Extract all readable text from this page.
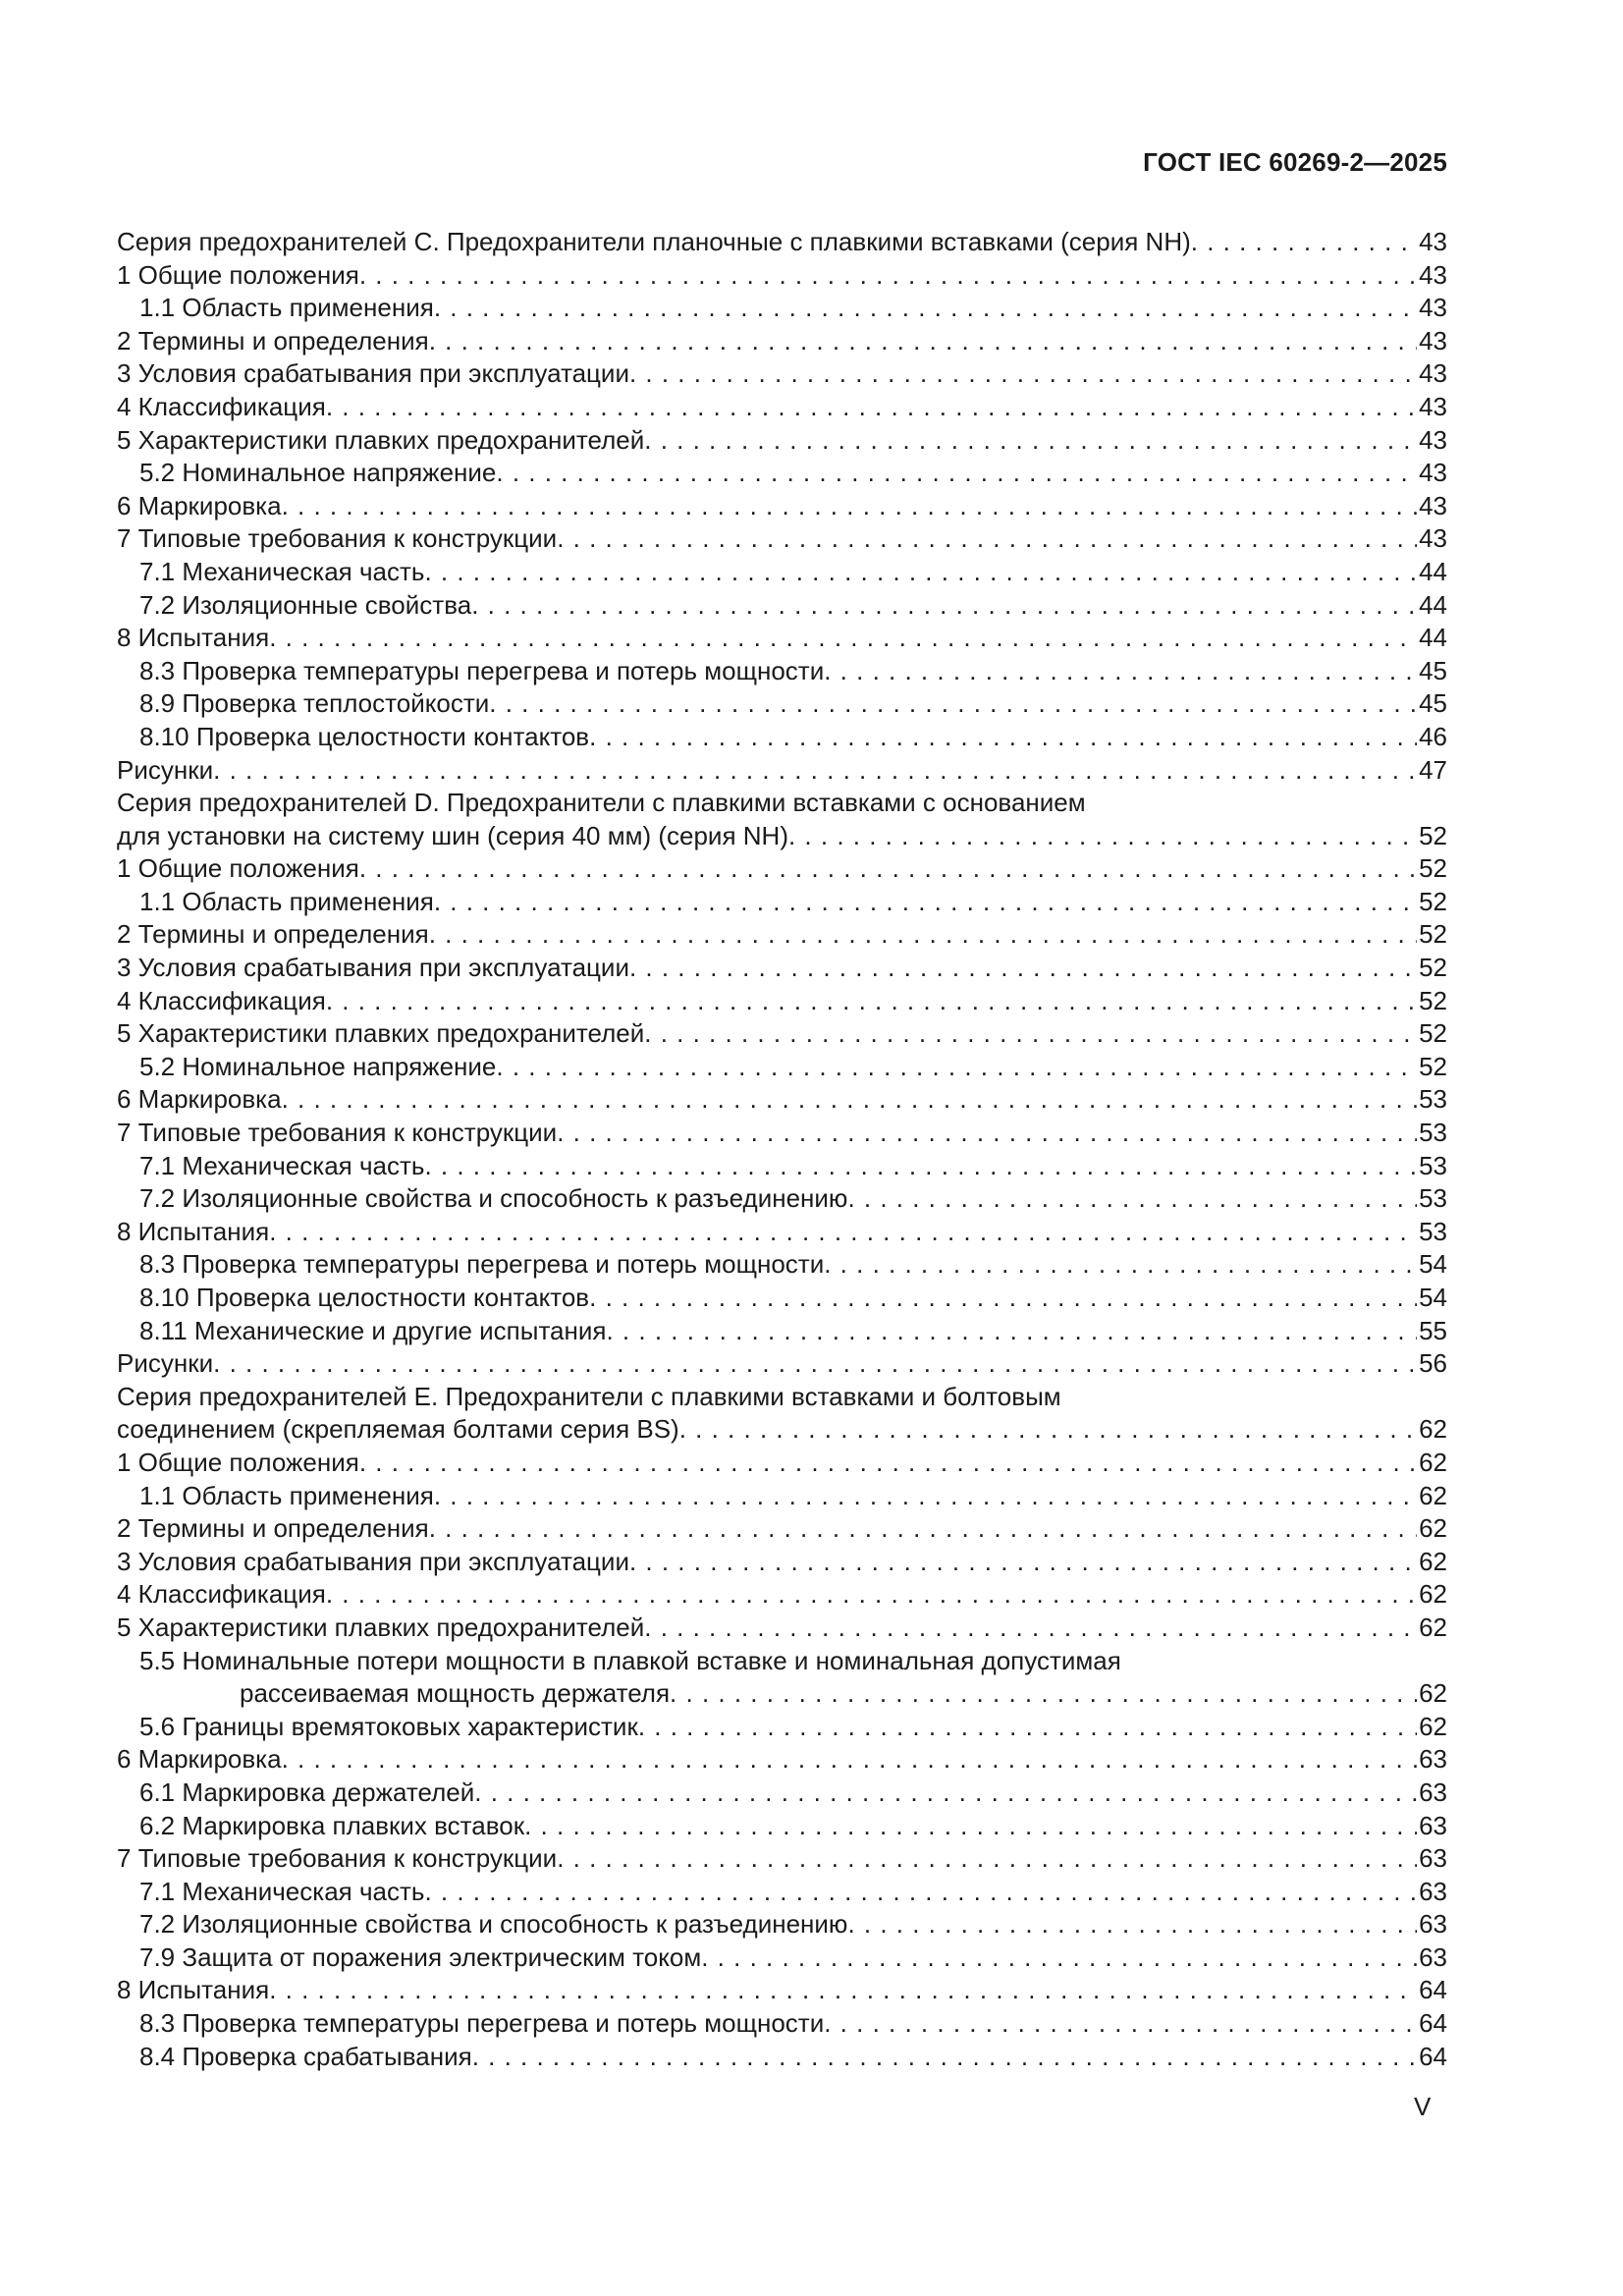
ГОСТ IEC 60269-2—2025
Серия предохранителей С. Предохранители планочные с плавкими вставками (серия NH) . . .	43
1 Общие положения . . .	43
1.1 Область применения . . .	43
2 Термины и определения . . .	43
3 Условия срабатывания при эксплуатации . . .	43
4 Классификация . . .	43
5 Характеристики плавких предохранителей . . .	43
5.2 Номинальное напряжение . . .	43
6 Маркировка . . .	43
7 Типовые требования к конструкции . . .	43
7.1 Механическая часть . . .	44
7.2 Изоляционные свойства . . .	44
8 Испытания . . .	44
8.3 Проверка температуры перегрева и потерь мощности . . .	45
8.9 Проверка теплостойкости . . .	45
8.10 Проверка целостности контактов . . .	46
Рисунки . . .	47
Серия предохранителей D. Предохранители с плавкими вставками с основанием
для установки на систему шин (серия 40 мм) (серия NH) . . .	52
1 Общие положения . . .	52
1.1 Область применения . . .	52
2 Термины и определения . . .	52
3 Условия срабатывания при эксплуатации . . .	52
4 Классификация . . .	52
5 Характеристики плавких предохранителей . . .	52
5.2 Номинальное напряжение . . .	52
6 Маркировка . . .	53
7 Типовые требования к конструкции . . .	53
7.1 Механическая часть . . .	53
7.2 Изоляционные свойства и способность к разъединению . . .	53
8 Испытания . . .	53
8.3 Проверка температуры перегрева и потерь мощности . . .	54
8.10 Проверка целостности контактов . . .	54
8.11 Механические и другие испытания . . .	55
Рисунки . . .	56
Серия предохранителей Е. Предохранители с плавкими вставками и болтовым
соединением (скрепляемая болтами серия BS) . . .	62
1 Общие положения . . .	62
1.1 Область применения . . .	62
2 Термины и определения . . .	62
3 Условия срабатывания при эксплуатации . . .	62
4 Классификация . . .	62
5 Характеристики плавких предохранителей . . .	62
5.5 Номинальные потери мощности в плавкой вставке и номинальная допустимая
рассеиваемая мощность держателя . . .	62
5.6 Границы времятоковых характеристик . . .	62
6 Маркировка . . .	63
6.1 Маркировка держателей . . .	63
6.2 Маркировка плавких вставок . . .	63
7 Типовые требования к конструкции . . .	63
7.1 Механическая часть . . .	63
7.2 Изоляционные свойства и способность к разъединению . . .	63
7.9 Защита от поражения электрическим током . . .	63
8 Испытания . . .	64
8.3 Проверка температуры перегрева и потерь мощности . . .	64
8.4 Проверка срабатывания . . .	64
V
